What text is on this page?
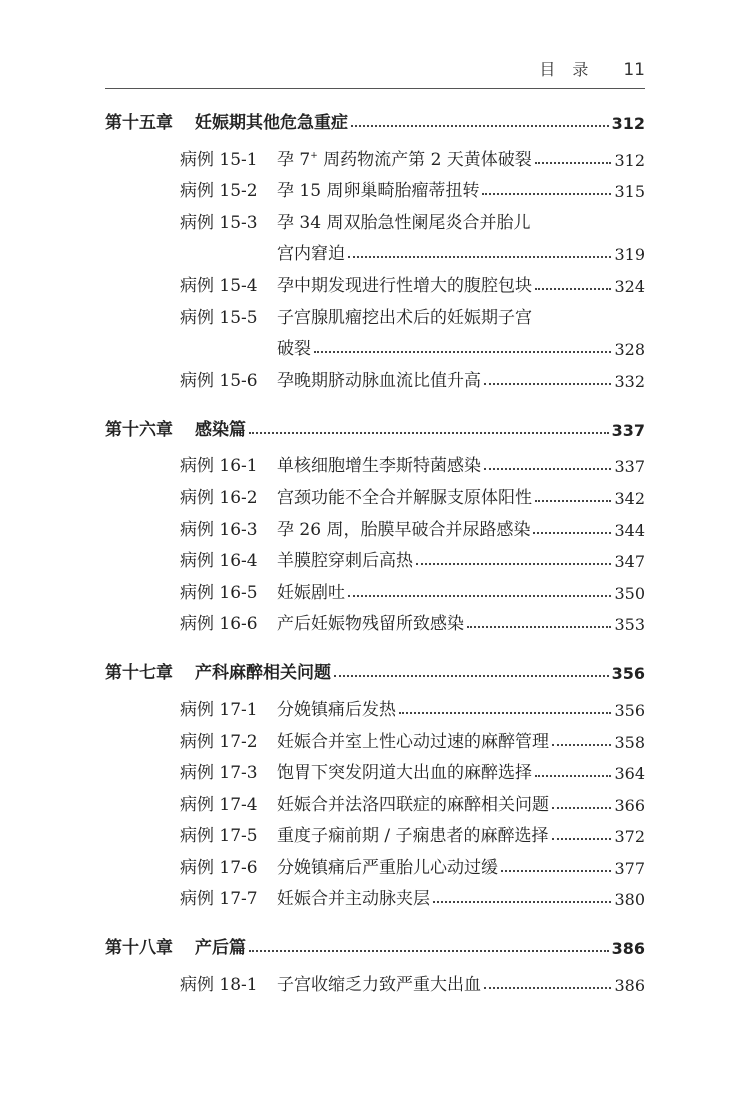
目录 11
第十五章 妊娠期其他危急重症	312
病例 15-1	孕 7+ 周药物流产第 2 天黄体破裂	312
病例 15-2	孕 15 周卵巢畸胎瘤蒂扭转	315
病例 15-3	孕 34 周双胎急性阑尾炎合并胎儿
宫内窘迫	319
病例 15-4	孕中期发现进行性增大的腹腔包块	324
病例 15-5	子宫腺肌瘤挖出术后的妊娠期子宫
破裂	328
病例 15-6	孕晚期脐动脉血流比值升高	332
第十六章 感染篇	337
病例 16-1	单核细胞增生李斯特菌感染	337
病例 16-2	宫颈功能不全合并解脲支原体阳性	342
病例 16-3	孕 26 周，胎膜早破合并尿路感染	344
病例 16-4	羊膜腔穿刺后高热	347
病例 16-5	妊娠剧吐	350
病例 16-6	产后妊娠物残留所致感染	353
第十七章 产科麻醉相关问题	356
病例 17-1	分娩镇痛后发热	356
病例 17-2	妊娠合并室上性心动过速的麻醉管理	358
病例 17-3	饱胃下突发阴道大出血的麻醉选择	364
病例 17-4	妊娠合并法洛四联症的麻醉相关问题	366
病例 17-5	重度子痫前期 / 子痫患者的麻醉选择	372
病例 17-6	分娩镇痛后严重胎儿心动过缓	377
病例 17-7	妊娠合并主动脉夹层	380
第十八章 产后篇	386
病例 18-1	子宫收缩乏力致严重大出血	386
